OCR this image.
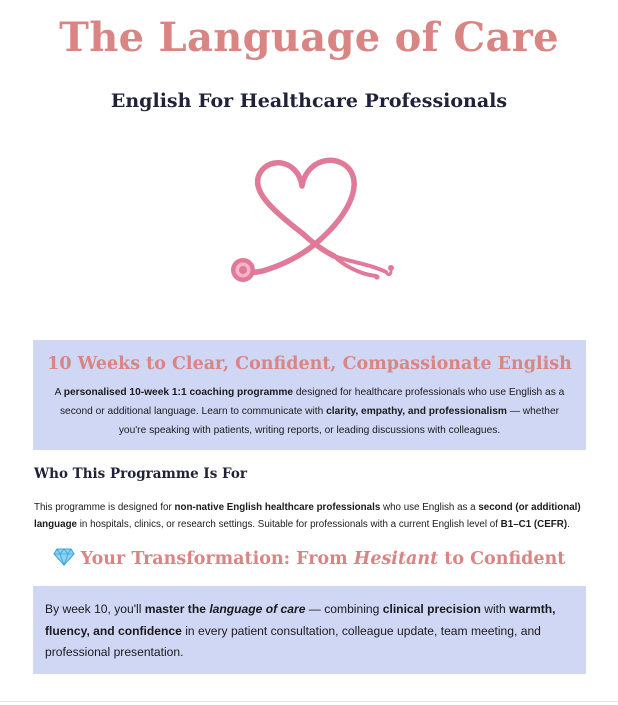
The Language of Care
English For Healthcare Professionals
10 Weeks to Clear, Confident, Compassionate English

A personalised 10-week 1:1 coaching programme designed for healthcare professionals who use English as a second or additional language. Learn to communicate with clarity, empathy, and professionalism — whether you're speaking with patients, writing reports, or leading discussions with colleagues.

Who This Programme Is For

This programme is designed for non-native English healthcare professionals who use English as a second (or additional) language in hospitals, clinics, or research settings. Suitable for professionals with a current English level of B1–C1 (CEFR).

Your Transformation: From Hesitant to Confident

By week 10, you'll master the language of care — combining clinical precision with warmth, fluency, and confidence in every patient consultation, colleague update, team meeting, and professional presentation.
